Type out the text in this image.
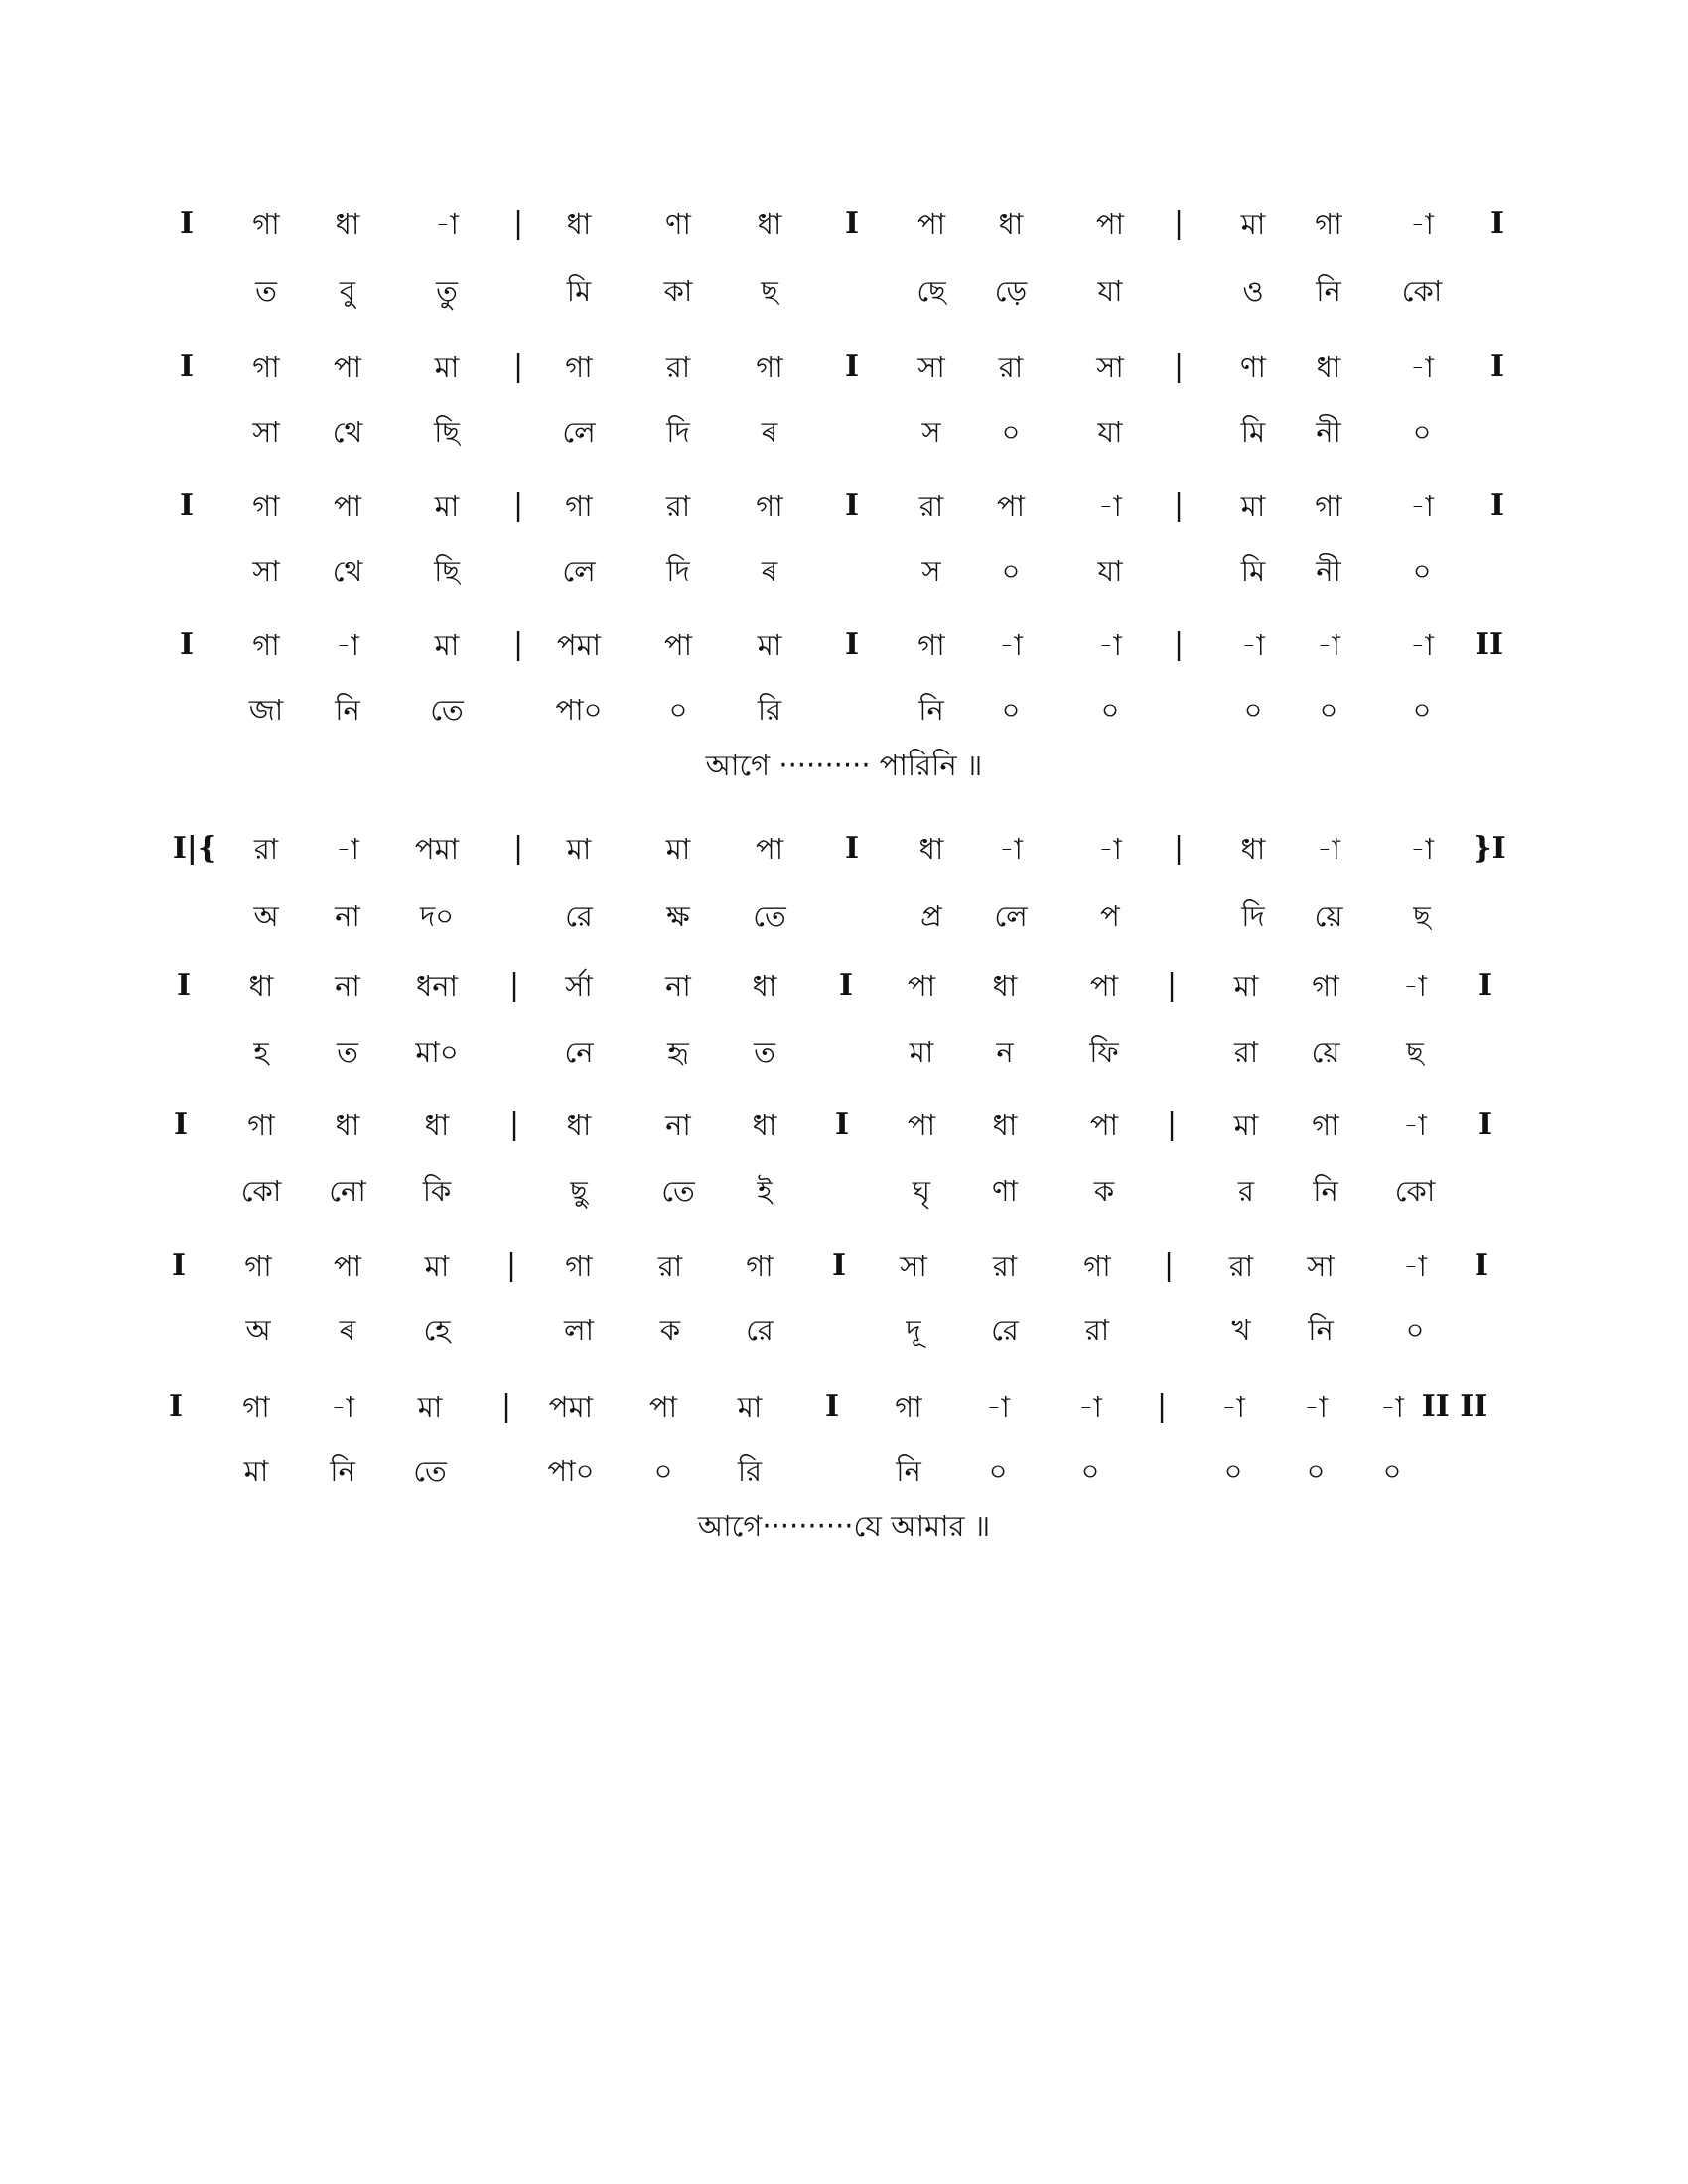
I	গা	ধা	-া	|	ধা	ণা	ধা	I	পা	ধা	পা	|	মা	গা	-া	I
ত	বু	তু	মি	কা	ছ	ছে	ড়ে	যা	ও	নি	কো
I	গা	পা	মা	|	গা	রা	গা	I	সা	রা	সা	|	ণা	ধা	-া	I
সা	থে	ছি	লে	দি	ৰ	স	০	যা	মি	নী	০
I	গা	পা	মা	|	গা	রা	গা	I	রা	পা	-া	|	মা	গা	-া	I
সা	থে	ছি	লে	দি	ৰ	স	০	যা	মি	নী	০
I	গা	-া	মা	|	পমা	পা	মা	I	গা	-া	-া	|	-া	-া	-া	II
জা	নি	তে	পা০	০	রি	নি	০	০	০	০	০
আগে ·········· পারিনি ॥
I|{	রা	-া	পমা	|	মা	মা	পা	I	ধা	-া	-া	|	ধা	-া	-া	}I
অ	না	দ০	রে	ক্ষ	তে	প্র	লে	প	দি	য়ে	ছ
I	ধা	না	ধনা	|	র্সা	না	ধা	I	পা	ধা	পা	|	মা	গা	-া	I
হ	ত	মা০	নে	হৃ	ত	মা	ন	ফি	রা	য়ে	ছ
I	গা	ধা	ধা	|	ধা	না	ধা	I	পা	ধা	পা	|	মা	গা	-া	I
কো	নো	কি	ছু	তে	ই	ঘৃ	ণা	ক	র	নি	কো
I	গা	পা	মা	|	গা	রা	গা	I	সা	রা	গা	|	রা	সা	-া	I
অ	ৰ	হে	লা	ক	রে	দূ	রে	রা	খ	নি	০
I	গা	-া	মা	|	পমা	পা	মা	I	গা	-া	-া	|	-া	-া	-া II II
মা	নি	তে	পা০	০	রি	নি	০	০	০	০	০
আগে··········যে আমার ॥
